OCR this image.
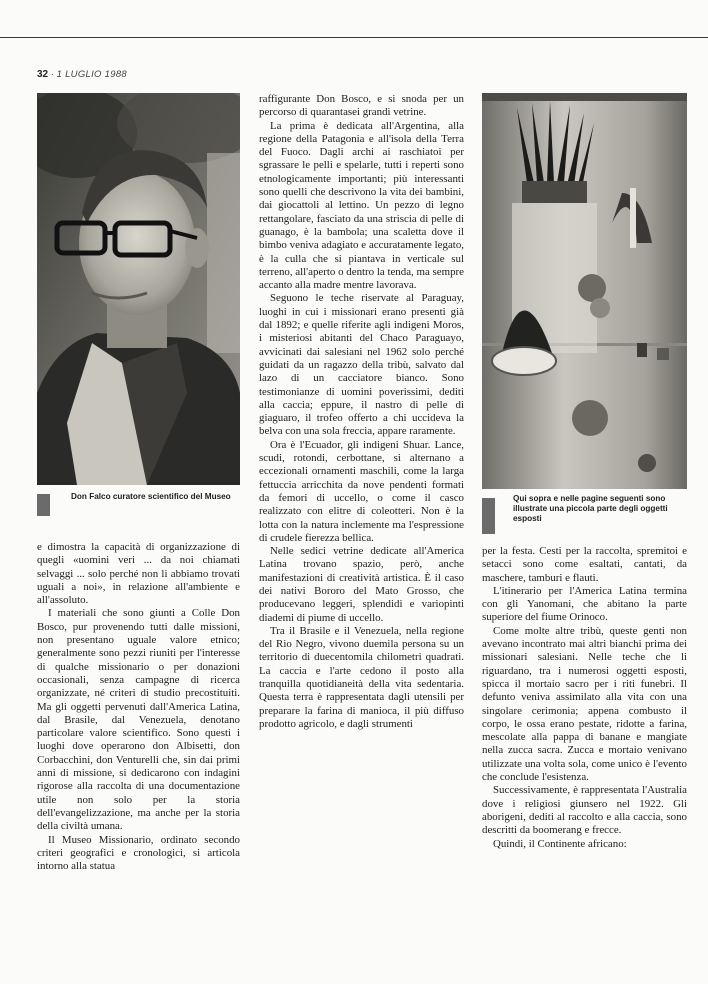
32 · 1 LUGLIO 1988
Don Falco curatore scientifico del Museo	Qui sopra e nelle pagine seguenti sono illustrate una piccola parte degli oggetti esposti

e dimostra la capacità di organizzazione di quegli «uomini veri ... da noi chiamati selvaggi ... solo perché non li abbiamo trovati uguali a noi», in relazione all'ambiente e all'assoluto.

I materiali che sono giunti a Colle Don Bosco, pur provenendo tutti dalle missioni, non presentano uguale valore etnico; generalmente sono pezzi riuniti per l'interesse di qualche missionario o per donazioni occasionali, senza campagne di ricerca organizzate, né criteri di studio precostituiti. Ma gli oggetti pervenuti dall'America Latina, dal Brasile, dal Venezuela, denotano particolare valore scientifico. Sono questi i luoghi dove operarono don Albisetti, don Corbacchini, don Venturelli che, sin dai primi anni di missione, si dedicarono con indagini rigorose alla raccolta di una documentazione utile non solo per la storia dell'evangelizzazione, ma anche per la storia della civiltà umana.

Il Museo Missionario, ordinato secondo criteri geografici e cronologici, si articola intorno alla statua

raffigurante Don Bosco, e si snoda per un percorso di quarantasei grandi vetrine.

La prima è dedicata all'Argentina, alla regione della Patagonia e all'isola della Terra del Fuoco. Dagli archi ai raschiatoi per sgrassare le pelli e spelarle, tutti i reperti sono etnologicamente importanti; più interessanti sono quelli che descrivono la vita dei bambini, dai giocattoli al lettino. Un pezzo di legno rettangolare, fasciato da una striscia di pelle di guanago, è la bambola; una scaletta dove il bimbo veniva adagiato e accuratamente legato, è la culla che si piantava in verticale sul terreno, all'aperto o dentro la tenda, ma sempre accanto alla madre mentre lavorava.

Seguono le teche riservate al Paraguay, luoghi in cui i missionari erano presenti già dal 1892; e quelle riferite agli indigeni Moros, i misteriosi abitanti del Chaco Paraguayo, avvicinati dai salesiani nel 1962 solo perché guidati da un ragazzo della tribù, salvato dal lazo di un cacciatore bianco. Sono testimonianze di uomini poverissimi, dediti alla caccia; eppure, il nastro di pelle di giaguaro, il trofeo offerto a chi uccideva la belva con una sola freccia, appare raramente.

Ora è l'Ecuador, gli indigeni Shuar. Lance, scudi, rotondi, cerbottane, si alternano a eccezionali ornamenti maschili, come la larga fettuccia arricchita da nove pendenti formati da femori di uccello, o come il casco realizzato con elitre di coleotteri. Non è la lotta con la natura inclemente ma l'espressione di crudele fierezza bellica.

Nelle sedici vetrine dedicate all'America Latina trovano spazio, però, anche manifestazioni di creatività artistica. È il caso dei nativi Bororo del Mato Grosso, che producevano leggeri, splendidi e variopinti diademi di piume di uccello.

Tra il Brasile e il Venezuela, nella regione del Rio Negro, vivono duemila persona su un territorio di duecentomila chilometri quadrati. La caccia e l'arte cedono il posto alla tranquilla quotidianeità della vita sedentaria. Questa terra è rappresentata dagli utensili per preparare la farina di manioca, il più diffuso prodotto agricolo, e dagli strumenti

per la festa. Cesti per la raccolta, spremitoi e setacci sono come esaltati, cantati, da maschere, tamburi e flauti.

L'itinerario per l'America Latina termina con gli Yanomani, che abitano la parte superiore del fiume Orinoco.

Come molte altre tribù, queste genti non avevano incontrato mai altri bianchi prima dei missionari salesiani. Nelle teche che li riguardano, tra i numerosi oggetti esposti, spicca il mortaio sacro per i riti funebri. Il defunto veniva assimilato alla vita con una singolare cerimonia; appena combusto il corpo, le ossa erano pestate, ridotte a farina, mescolate alla pappa di banane e mangiate nella zucca sacra. Zucca e mortaio venivano utilizzate una volta sola, come unico è l'evento che conclude l'esistenza.

Successivamente, è rappresentata l'Australia dove i religiosi giunsero nel 1922. Gli aborigeni, dediti al raccolto e alla caccia, sono descritti da boomerang e frecce.

Quindi, il Continente africano:
